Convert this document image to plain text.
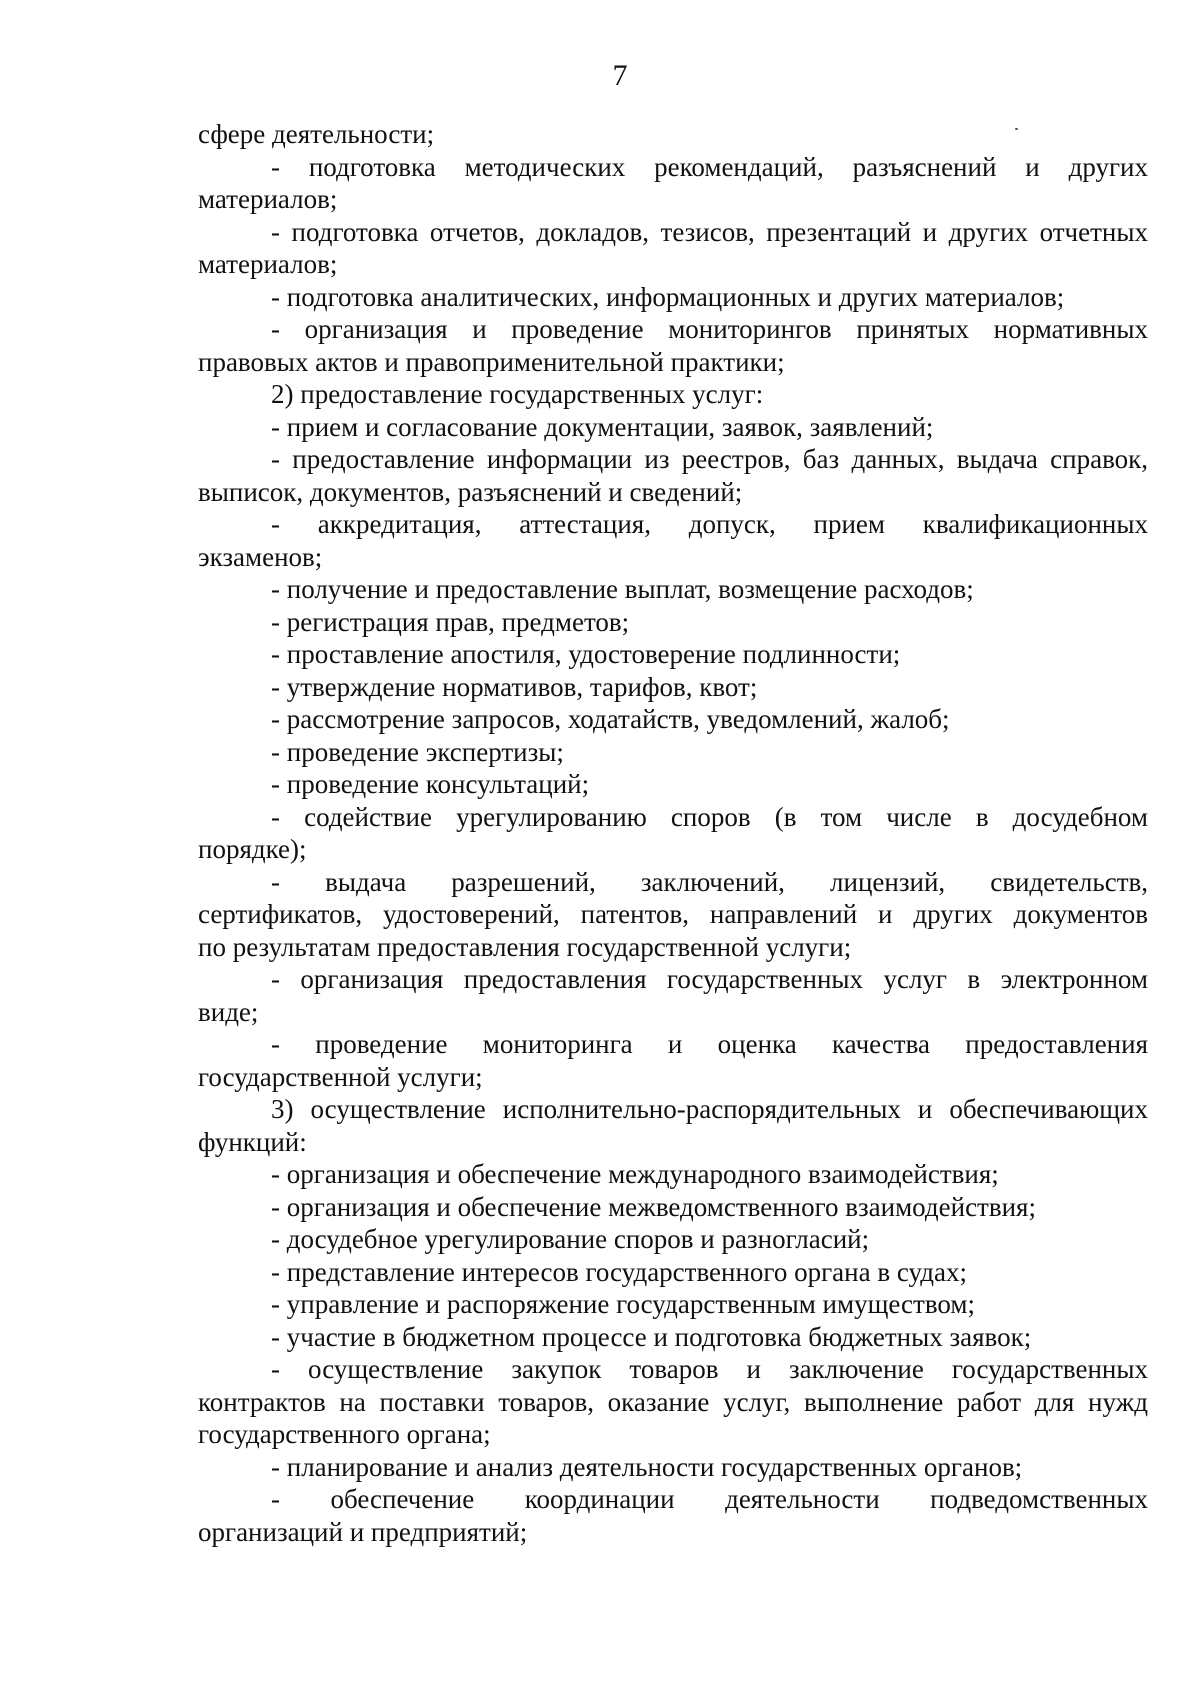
7
сфере деятельности;
- подготовка методических рекомендаций, разъяснений и других
материалов;
- подготовка отчетов, докладов, тезисов, презентаций и других отчетных
материалов;
- подготовка аналитических, информационных и других материалов;
- организация и проведение мониторингов принятых нормативных
правовых актов и правоприменительной практики;
2) предоставление государственных услуг:
- прием и согласование документации, заявок, заявлений;
- предоставление информации из реестров, баз данных, выдача справок,
выписок, документов, разъяснений и сведений;
- аккредитация, аттестация, допуск, прием квалификационных
экзаменов;
- получение и предоставление выплат, возмещение расходов;
- регистрация прав, предметов;
- проставление апостиля, удостоверение подлинности;
- утверждение нормативов, тарифов, квот;
- рассмотрение запросов, ходатайств, уведомлений, жалоб;
- проведение экспертизы;
- проведение консультаций;
- содействие урегулированию споров (в том числе в досудебном
порядке);
- выдача разрешений, заключений, лицензий, свидетельств,
сертификатов, удостоверений, патентов, направлений и других документов
по результатам предоставления государственной услуги;
- организация предоставления государственных услуг в электронном
виде;
- проведение мониторинга и оценка качества предоставления
государственной услуги;
3) осуществление исполнительно-распорядительных и обеспечивающих
функций:
- организация и обеспечение международного взаимодействия;
- организация и обеспечение межведомственного взаимодействия;
- досудебное урегулирование споров и разногласий;
- представление интересов государственного органа в судах;
- управление и распоряжение государственным имуществом;
- участие в бюджетном процессе и подготовка бюджетных заявок;
- осуществление закупок товаров и заключение государственных
контрактов на поставки товаров, оказание услуг, выполнение работ для нужд
государственного органа;
- планирование и анализ деятельности государственных органов;
- обеспечение координации деятельности подведомственных
организаций и предприятий;
